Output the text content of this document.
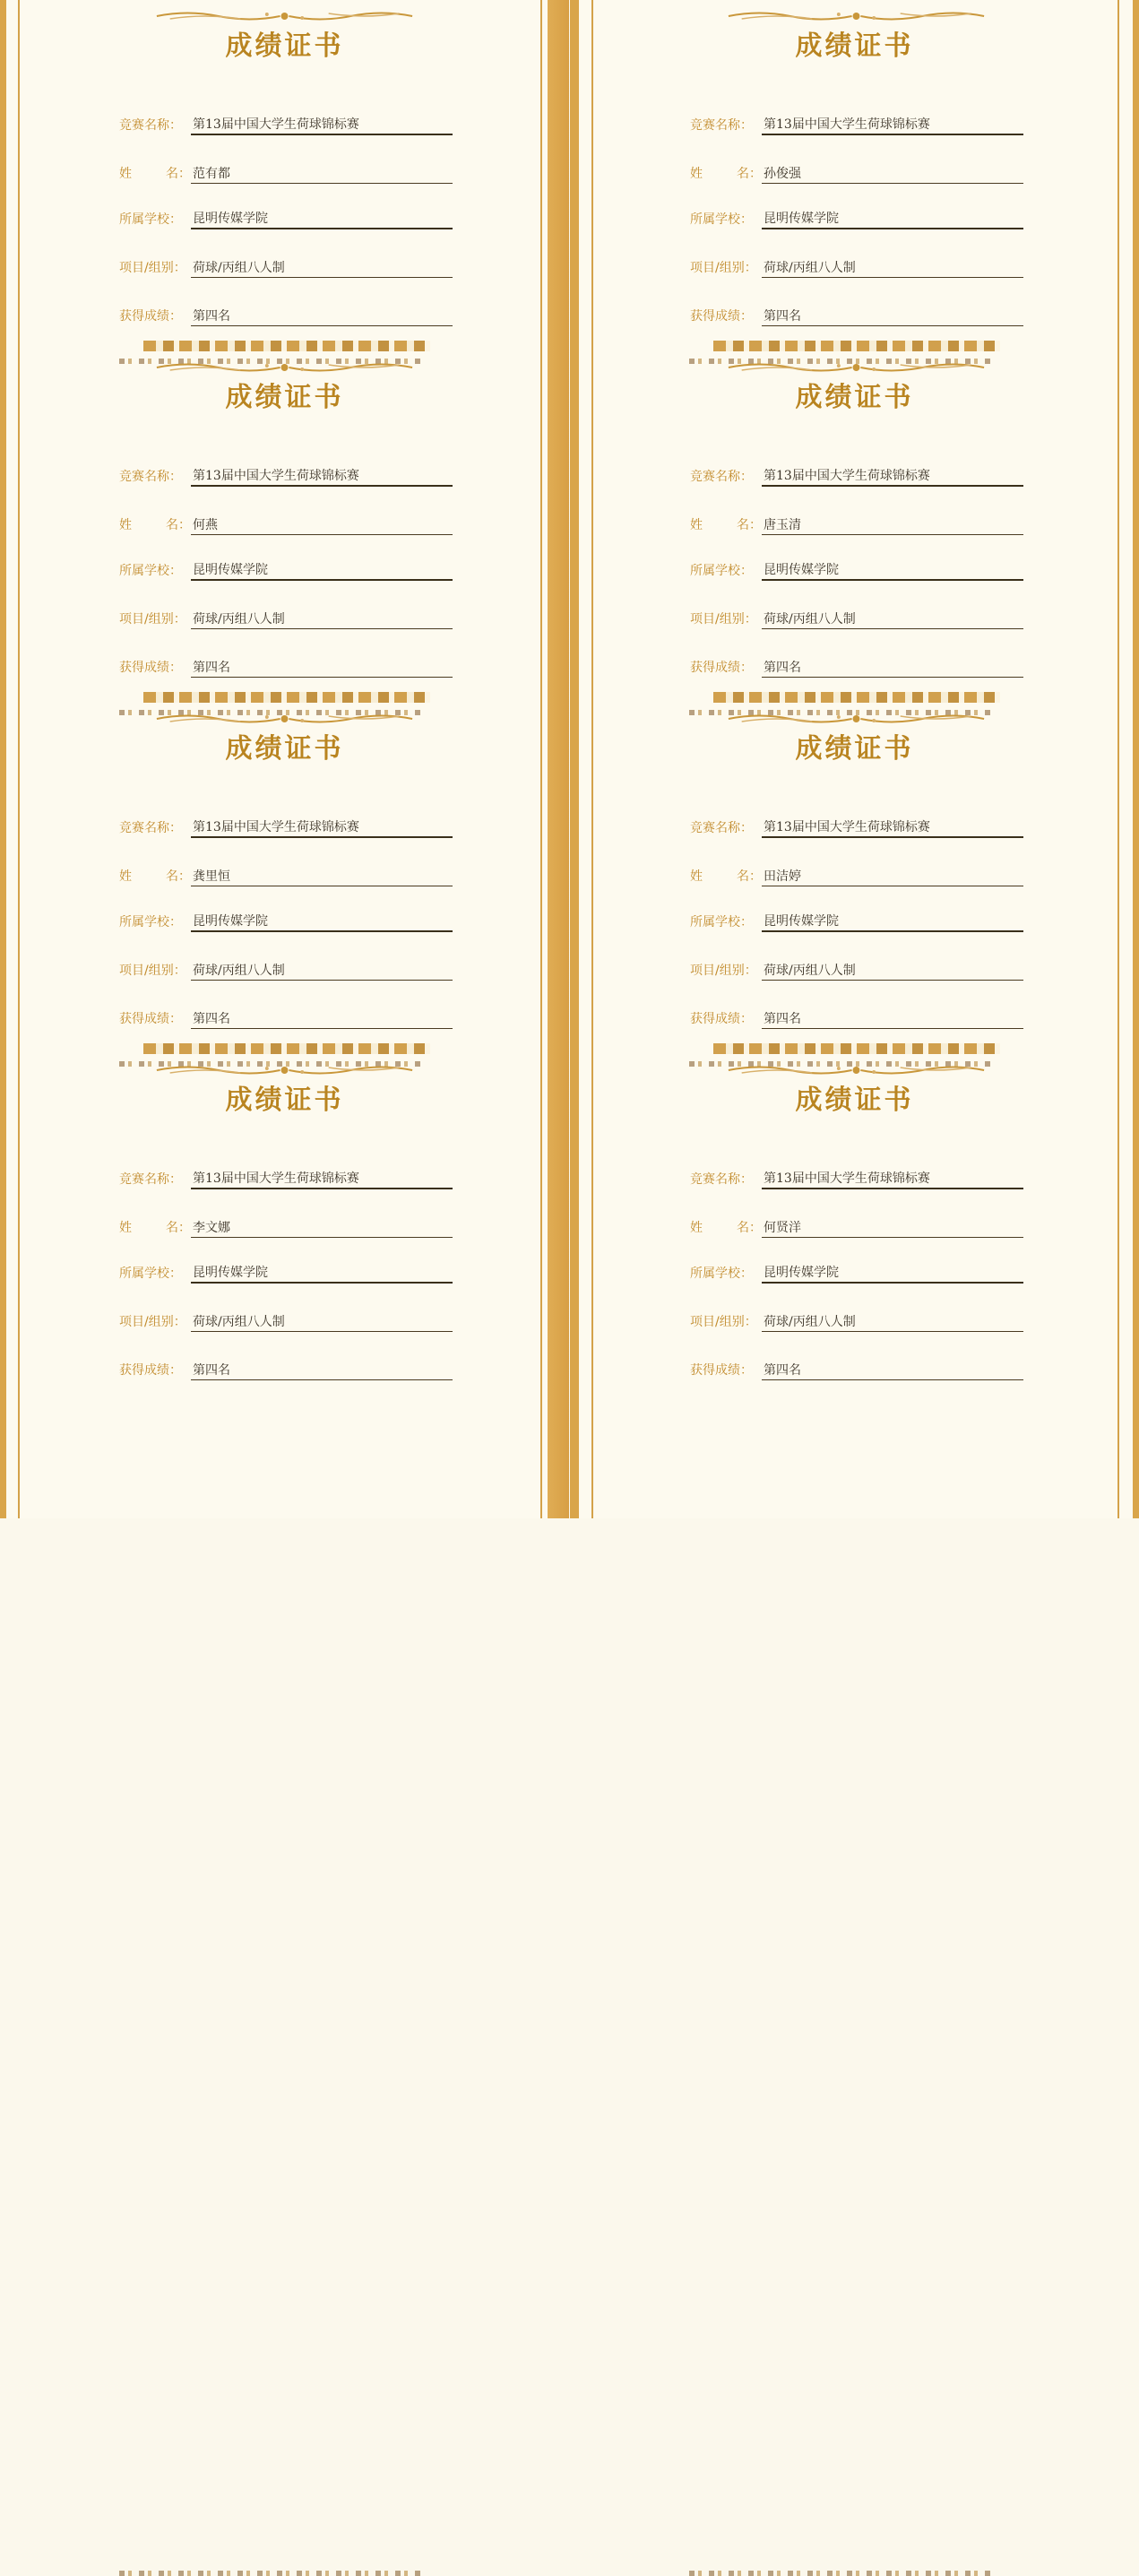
成绩证书
竞赛名称： 第13届中国大学生荷球锦标赛
姓	名： 范有都
所属学校： 昆明传媒学院
项目/组别： 荷球/丙组八人制
获得成绩： 第四名
成绩证书
竞赛名称： 第13届中国大学生荷球锦标赛
姓	名： 何燕
所属学校： 昆明传媒学院
项目/组别： 荷球/丙组八人制
获得成绩： 第四名
成绩证书
竞赛名称： 第13届中国大学生荷球锦标赛
姓	名： 龚里恒
所属学校： 昆明传媒学院
项目/组别： 荷球/丙组八人制
获得成绩： 第四名
成绩证书
竞赛名称： 第13届中国大学生荷球锦标赛
姓	名： 李文娜
所属学校： 昆明传媒学院
项目/组别： 荷球/丙组八人制
获得成绩： 第四名
成绩证书
竞赛名称： 第13届中国大学生荷球锦标赛
姓	名： 孙俊强
所属学校： 昆明传媒学院
项目/组别： 荷球/丙组八人制
获得成绩： 第四名
成绩证书
竞赛名称： 第13届中国大学生荷球锦标赛
姓	名： 唐玉清
所属学校： 昆明传媒学院
项目/组别： 荷球/丙组八人制
获得成绩： 第四名
成绩证书
竞赛名称： 第13届中国大学生荷球锦标赛
姓	名： 田洁婷
所属学校： 昆明传媒学院
项目/组别： 荷球/丙组八人制
获得成绩： 第四名
成绩证书
竞赛名称： 第13届中国大学生荷球锦标赛
姓	名： 何贤洋
所属学校： 昆明传媒学院
项目/组别： 荷球/丙组八人制
获得成绩： 第四名
